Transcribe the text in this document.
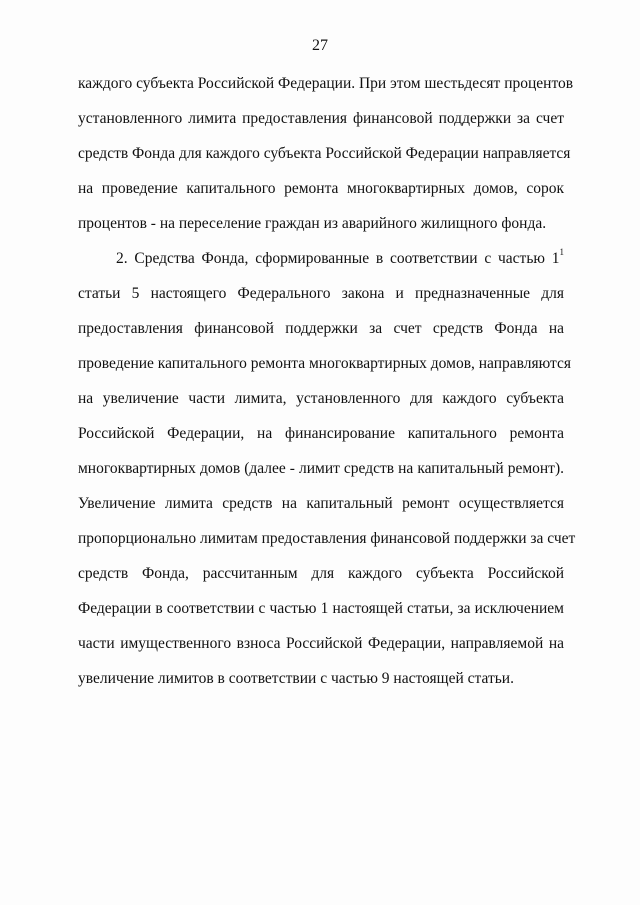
27
каждого субъекта Российской Федерации. При этом шестьдесят процентов
установленного лимита предоставления финансовой поддержки за счет
средств Фонда для каждого субъекта Российской Федерации направляется
на проведение капитального ремонта многоквартирных домов, сорок
процентов - на переселение граждан из аварийного жилищного фонда.
2. Средства Фонда, сформированные в соответствии с частью $1^1$
статьи 5 настоящего Федерального закона и предназначенные для
предоставления финансовой поддержки за счет средств Фонда на
проведение капитального ремонта многоквартирных домов, направляются
на увеличение части лимита, установленного для каждого субъекта
Российской Федерации, на финансирование капитального ремонта
многоквартирных домов (далее - лимит средств на капитальный ремонт).
Увеличение лимита средств на капитальный ремонт осуществляется
пропорционально лимитам предоставления финансовой поддержки за счет
средств Фонда, рассчитанным для каждого субъекта Российской
Федерации в соответствии с частью 1 настоящей статьи, за исключением
части имущественного взноса Российской Федерации, направляемой на
увеличение лимитов в соответствии с частью 9 настоящей статьи.
